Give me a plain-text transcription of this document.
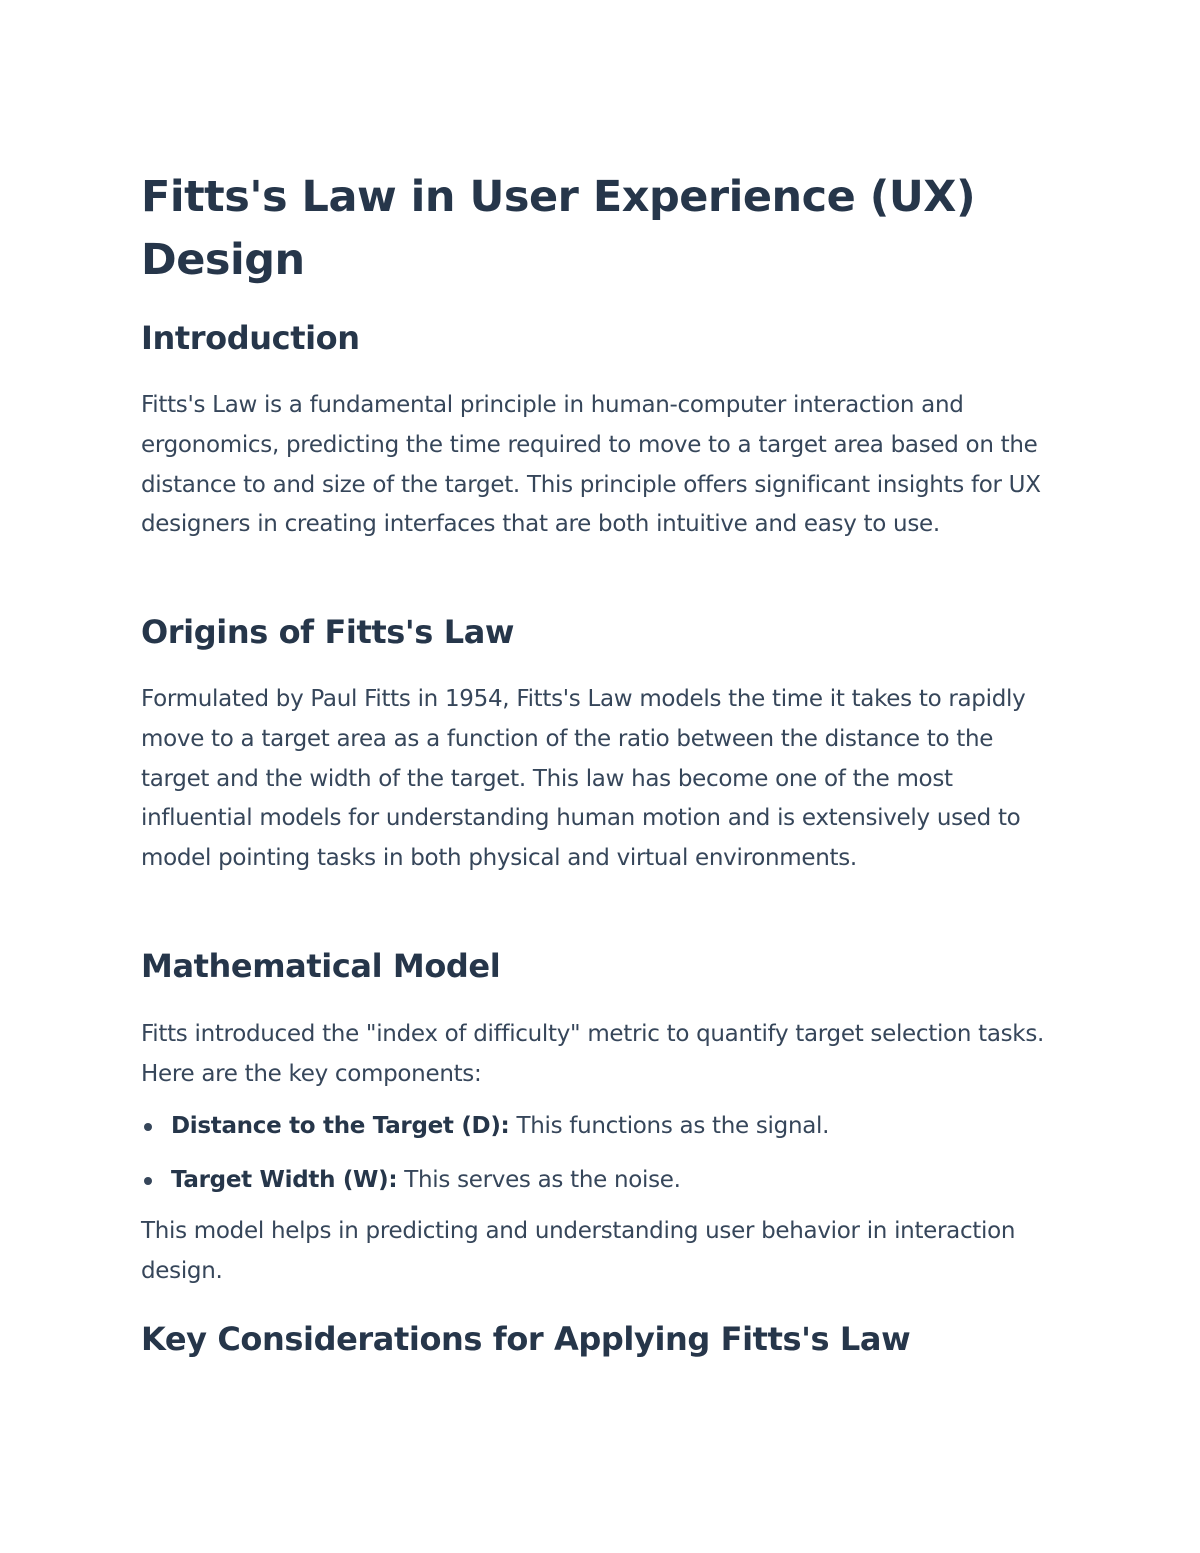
Fitts's Law in User Experience (UX) Design
Introduction

Fitts's Law is a fundamental principle in human-computer interaction and ergonomics, predicting the time required to move to a target area based on the distance to and size of the target. This principle offers significant insights for UX designers in creating interfaces that are both intuitive and easy to use.

Origins of Fitts's Law

Formulated by Paul Fitts in 1954, Fitts's Law models the time it takes to rapidly move to a target area as a function of the ratio between the distance to the target and the width of the target. This law has become one of the most influential models for understanding human motion and is extensively used to model pointing tasks in both physical and virtual environments.

Mathematical Model

Fitts introduced the "index of difficulty" metric to quantify target selection tasks. Here are the key components:

Distance to the Target (D): This functions as the signal.
Target Width (W): This serves as the noise.

This model helps in predicting and understanding user behavior in interaction design.

Key Considerations for Applying Fitts's Law
